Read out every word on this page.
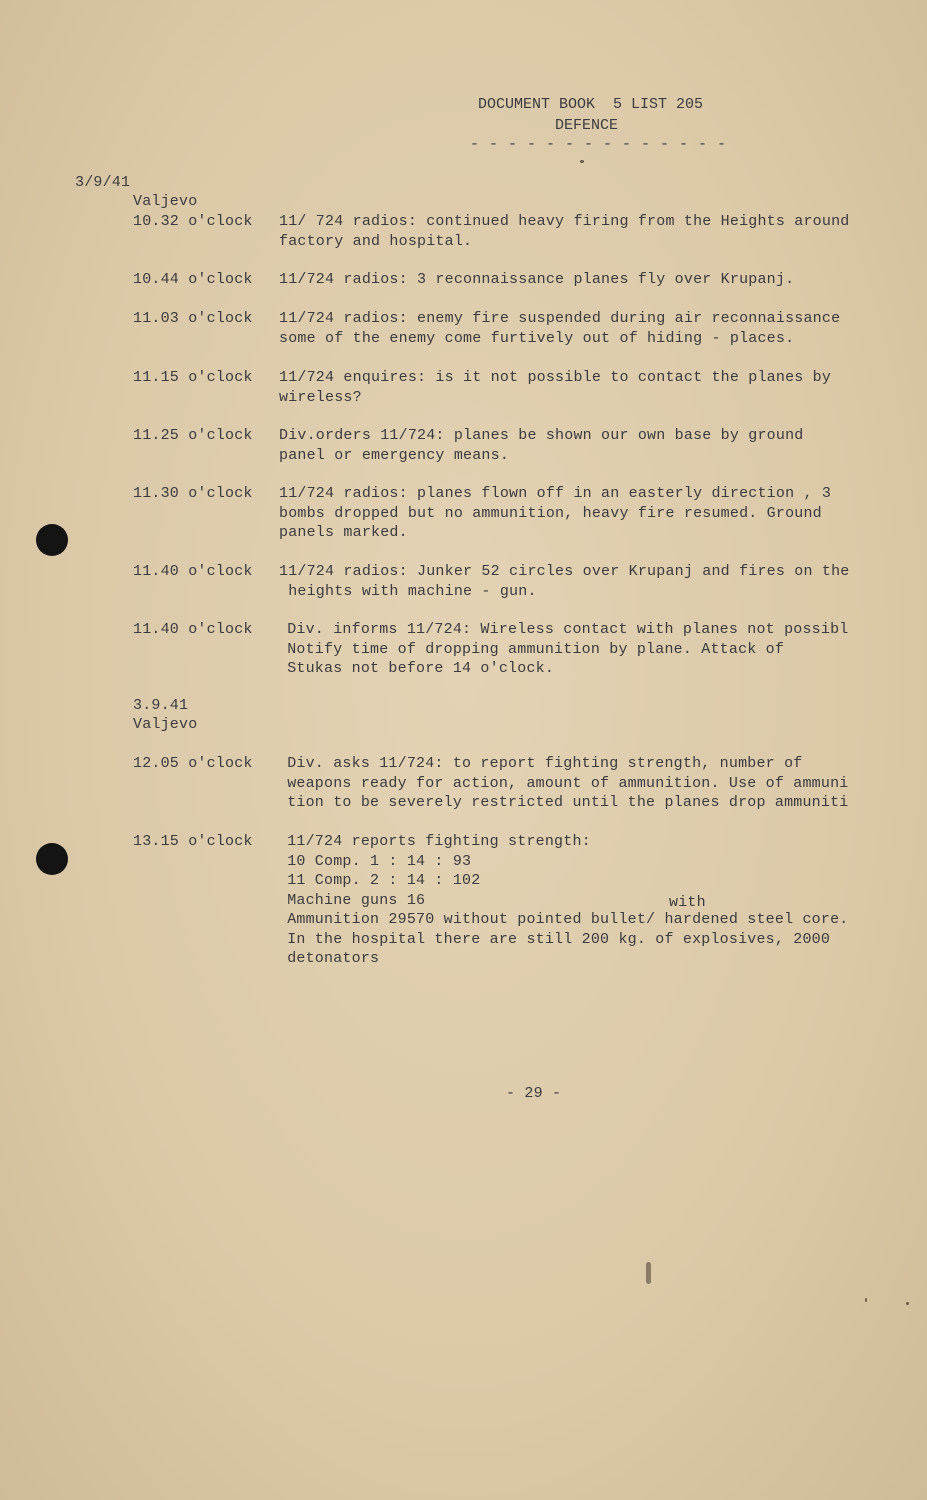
DOCUMENT BOOK  5 LIST 205
DEFENCE
- - - - - - - - - - - - - -
3/9/41
Valjevo
10.32 o'clock 11/ 724 radios: continued heavy firing from the Heights around
factory and hospital.
10.44 o'clock 11/724 radios: 3 reconnaissance planes fly over Krupanj.
11.03 o'clock 11/724 radios: enemy fire suspended during air reconnaissance
some of the enemy come furtively out of hiding - places.
11.15 o'clock 11/724 enquires: is it not possible to contact the planes by
wireless?
11.25 o'clock Div.orders 11/724: planes be shown our own base by ground
panel or emergency means.
11.30 o'clock 11/724 radios: planes flown off in an easterly direction , 3
bombs dropped but no ammunition, heavy fire resumed. Ground
panels marked.
11.40 o'clock 11/724 radios: Junker 52 circles over Krupanj and fires on the
heights with machine - gun.
11.40 o'clock	Div. informs 11/724: Wireless contact with planes not possibl
Notify time of dropping ammunition by plane. Attack of
Stukas not before 14 o'clock.
3.9.41
Valjevo
12.05 o'clock	Div. asks 11/724: to report fighting strength, number of
weapons ready for action, amount of ammunition. Use of ammuni
tion to be severely restricted until the planes drop ammuniti
13.15 o'clock	11/724 reports fighting strength:
10 Comp. 1 : 14 : 93
11 Comp. 2 : 14 : 102
Machine guns 16	with
Ammunition 29570 without pointed bullet/ hardened steel core.
In the hospital there are still 200 kg. of explosives, 2000
detonators
- 29 -
